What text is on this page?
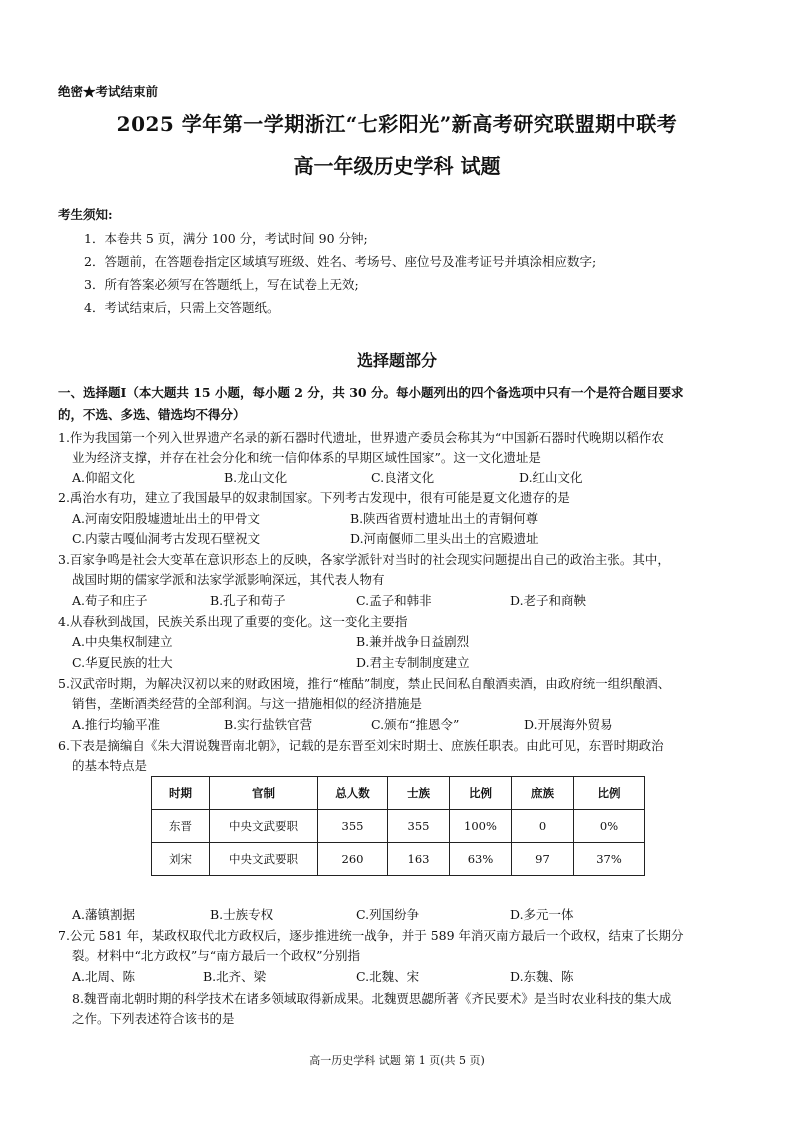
绝密★考试结束前
2025 学年第一学期浙江“七彩阳光”新高考研究联盟期中联考
高一年级历史学科 试题
考生须知:
1．本卷共 5 页，满分 100 分，考试时间 90 分钟;
2．答题前，在答题卷指定区域填写班级、姓名、考场号、座位号及准考证号并填涂相应数字;
3．所有答案必须写在答题纸上，写在试卷上无效;
4．考试结束后，只需上交答题纸。
选择题部分
一、选择题Ⅰ（本大题共 15 小题，每小题 2 分，共 30 分。每小题列出的四个备选项中只有一个是符合题目要求
的，不选、多选、错选均不得分）
1.作为我国第一个列入世界遗产名录的新石器时代遗址，世界遗产委员会称其为“中国新石器时代晚期以稻作农
业为经济支撑，并存在社会分化和统一信仰体系的早期区域性国家”。这一文化遗址是
A.仰韶文化	B.龙山文化	C.良渚文化	D.红山文化
2.禹治水有功，建立了我国最早的奴隶制国家。下列考古发现中，很有可能是夏文化遗存的是
A.河南安阳殷墟遗址出土的甲骨文	B.陕西省贾村遗址出土的青铜何尊
C.内蒙古嘎仙洞考古发现石壁祝文	D.河南偃师二里头出土的宫殿遗址
3.百家争鸣是社会大变革在意识形态上的反映，各家学派针对当时的社会现实问题提出自己的政治主张。其中，
战国时期的儒家学派和法家学派影响深远，其代表人物有
A.荀子和庄子	B.孔子和荀子	C.孟子和韩非	D.老子和商鞅
4.从春秋到战国，民族关系出现了重要的变化。这一变化主要指
A.中央集权制建立	B.兼并战争日益剧烈
C.华夏民族的壮大	D.君主专制制度建立
5.汉武帝时期，为解决汉初以来的财政困境，推行“榷酤”制度，禁止民间私自酿酒卖酒，由政府统一组织酿酒、
销售，垄断酒类经营的全部利润。与这一措施相似的经济措施是
A.推行均输平准	B.实行盐铁官营	C.颁布“推恩令”	D.开展海外贸易
6.下表是摘编自《朱大渭说魏晋南北朝》，记载的是东晋至刘宋时期士、庶族任职表。由此可见，东晋时期政治
的基本特点是
时期	官制	总人数	士族	比例	庶族	比例
东晋	中央文武要职	355	355	100%	0	0%
刘宋	中央文武要职	260	163	63%	97	37%
A.藩镇割据	B.士族专权	C.列国纷争	D.多元一体
7.公元 581 年，某政权取代北方政权后，逐步推进统一战争，并于 589 年消灭南方最后一个政权，结束了长期分
裂。材料中“北方政权”与“南方最后一个政权”分别指
A.北周、陈	B.北齐、梁	C.北魏、宋	D.东魏、陈
8.魏晋南北朝时期的科学技术在诸多领域取得新成果。北魏贾思勰所著《齐民要术》是当时农业科技的集大成
之作。下列表述符合该书的是
高一历史学科 试题 第 1 页(共 5 页)
